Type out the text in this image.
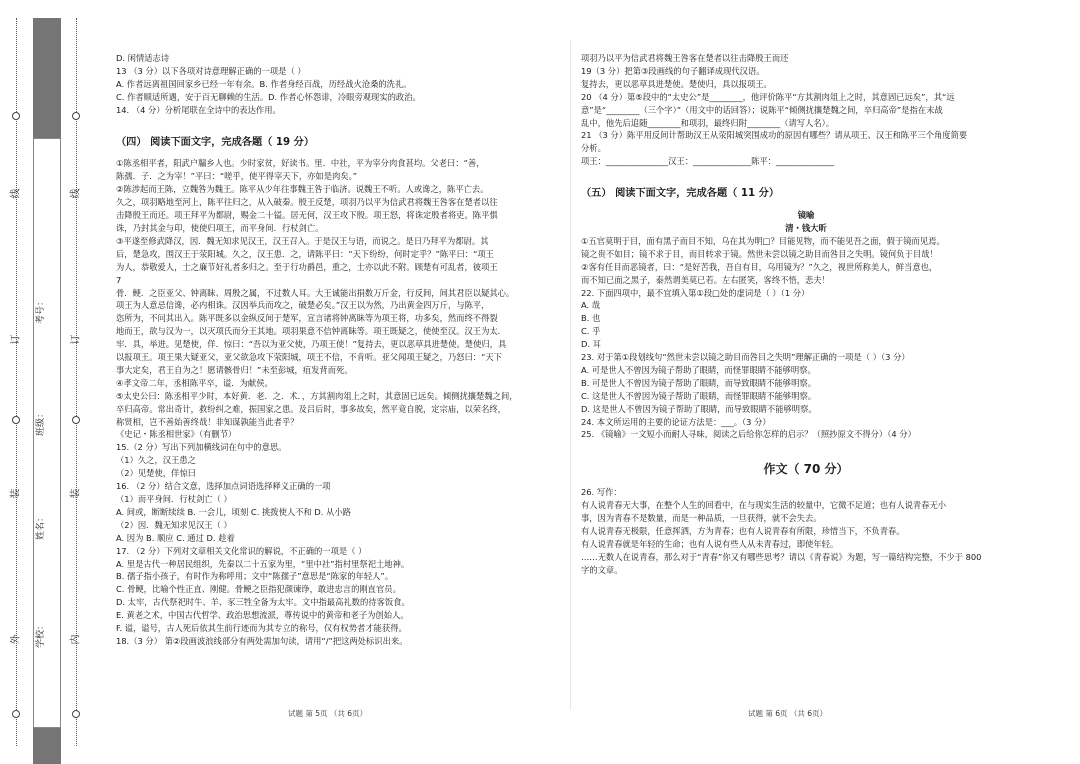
外
装
订
线
内
装
订
线
学校：
姓名：
班级：
考号：
D. 闲情适志诗
13 （3 分）以下各项对诗意理解正确的一项是（ ）
A. 作者远离祖国回家乡已经一年有余。B. 作者身经百战，历经战火沧桑的洗礼。
C. 作者顺适所遇，安于百无聊赖的生活。D. 作者心怀怨诽，冷眼旁观现实的政治。
14. （4 分）分析尾联在全诗中的表达作用。
（四） 阅读下面文字，完成各题（ 19 分）
①陈丞相平者，阳武户牖乡人也。少时家贫，好读书。里．中社，平为宰分肉食甚均。父老曰：“善，
陈孺．子．之为宰！”平曰：“嗟乎，使平得宰天下，亦如是肉矣。”
②陈涉起而王陈，立魏咎为魏王。陈平从少年往事魏王咎于临济。说魏王不听。人或谗之，陈平亡去。
久之，项羽略地至河上，陈平往归之，从入破秦。殷王反楚，项羽乃以平为信武君将魏王咎客在楚者以往
击降殷王而还。项王拜平为都尉，赐金二十镒。居无何，汉王攻下殷。项王怒，将诛定殷者将吏。陈平惧
诛，乃封其金与印，使使归项王，而平身间．行杖剑亡。
③平遂至修武降汉，因．魏无知求见汉王，汉王召入。于是汉王与语，而说之。是日乃拜平为都尉。其
后，楚急攻，围汉王于荥阳城。久之，汉王患．之，请陈平曰：“天下纷纷，何时定乎？”陈平曰：“项王
为人，恭敬爱人，士之廉节好礼者多归之。至于行功爵邑，重之，士亦以此不附。顾楚有可乱者，彼项王
7
骨．鲠．之臣亚父、钟离眛、周殷之属，不过数人耳。大王诚能出捐数万斤金，行反间，间其君臣以疑其心。
项王为人意忌信谗，必内相诛。汉因举兵而攻之，破楚必矣。”汉王以为然，乃出黄金四万斤，与陈平，
恣所为，不问其出入。陈平既多以金纵反间于楚军，宣言诸将钟离眛等为项王将，功多矣，然而终不得裂
地而王，欲与汉为一，以灭项氏而分王其地。项羽果意不信钟离眛等。项王既疑之，使使至汉。汉王为太．
牢．具，举进。见楚使，佯．惊曰：“吾以为亚父使，乃项王使！”复持去，更以恶草具进楚使。楚使归，具
以报项王。项王果大疑亚父，亚父欲急攻下荥阳城，项王不信，不肯听。亚父闻项王疑之，乃怒曰：“天下
事大定矣，君王自为之！愿请骸骨归！”未至彭城，疽发背而死。
④孝文帝二年，丞相陈平卒，谥．为献侯。
⑤太史公曰：陈丞相平少时，本好黄．老．之．术．，方其割肉俎上之时，其意固已远矣。倾侧扰攘楚魏之间，
卒归高帝。常出奇计，救纷纠之难，振国家之患。及吕后时，事多故矣，然平竟自脱，定宗庙，以荣名终，
称贤相，岂不善始善终哉！非知谋孰能当此者乎？
《史记・陈丞相世家》（有删节）
15.（2 分）写出下列加横线词在句中的意思。
（1）久之，汉王患之
（2）见楚使，佯惊曰
16. （2 分）结合文意，选择加点词语选择释义正确的一项
（1）而平身间．行杖剑亡（ ）
A. 间或，断断续续 B. 一会儿，顷刻 C. 挑拨使人不和 D. 从小路
（2）因．魏无知求见汉王（ ）
A. 因为 B. 顺应 C. 通过 D. 趁着
17. （2 分）下列对文章相关文化常识的解说，不正确的一项是（ ）
A. 里是古代一种居民组织，先秦以二十五家为里，“里中社”指村里祭祀土地神。
B. 孺子指小孩子，有时作为称呼用；文中“陈孺子”意思是“陈家的年轻人”。
C. 骨鲠，比喻个性正直、刚健。骨鲠之臣指犯颜谏诤，敢进忠言的刚直官员。
D. 太牢，古代祭祀时牛、羊、豕三牲全备为太牢。文中指最高礼数的待客饭食。
E. 黄老之术，中国古代哲学、政治思想流派，尊传说中的黄帝和老子为创始人。
F. 谥，谥号，古人死后依其生前行迹而为其专立的称号，仅有权势者才能获得。
18.（3 分） 第②段画波浪线部分有两处需加句读，请用“/”把这两处标识出来。
试题 第 5页 （共 6页）
项羽乃以平为信武君将魏王咎客在楚者以往击降殷王而还
19（3 分）把第③段画线的句子翻译成现代汉语。
复持去，更以恶草具进楚使。楚使归，具以报项王。
20 （4 分）第⑤段中的“太史公”是________，他评价陈平“方其割肉俎上之时，其意固已远矣”，其“远
意”是“________（三个字）”（用文中的话回答）；说陈平“倾侧扰攘楚魏之间，卒归高帝”是指在末战
乱中，他先后追随________和项羽，最终归附________（请写人名）。
21 （3 分）陈平用反间计帮助汉王从荥阳城突围成功的原因有哪些？请从项王、汉王和陈平三个角度简要
分析。
项王：_______________汉王：______________陈平：______________
（五） 阅读下面文字，完成各题（ 11 分）
镜喻
清・钱大昕
①五官莫明于目，面有黑子而目不知，乌在其为明□？目能见物，而不能见吾之面，假于镜而见焉。
镜之贵不如目；镜不求于目，而目转求于镜。然世未尝以镜之助目而咎目之失明。镜何负于目哉！
②客有任目而恶镜者，曰：“是好苦我，吾自有目，乌用镜为？”久之，视世所称美人，鲜当意也，
而不知已面之黑子，泰然谓美莫已若。左右匿笑，客终不悟，悲夫！
22. 下面四项中，最不宜填入第①段□处的虚词是（ ）（1 分）
A. 哉
B. 也
C. 乎
D. 耳
23. 对于第①段划线句“然世未尝以镜之助目而咎目之失明”理解正确的一项是（ ）（3 分）
A. 可是世人不曾因为镜子帮助了眼睛，而怪罪眼睛不能够明察。
B. 可是世人不曾因为镜子帮助了眼睛，而导致眼睛不能够明察。
C. 这是世人不曾因为镜子帮助了眼睛，而怪罪眼睛不能够明察。
D. 这是世人不曾因为镜子帮助了眼睛，而导致眼睛不能够明察。
24. 本文所运用的主要的论证方法是：___。（3 分）
25. 《镜喻》一文短小而耐人寻味，阅读之后给你怎样的启示？（照抄原文不得分）（4 分）
作文（ 70 分）
26. 写作：
有人说青春无大事，在整个人生的回看中，在与现实生活的较量中，它微不足道；也有人说青春无小
事，因为青春不是数量，而是一种品质，一旦获得，就不会失去。
有人说青春无极限，任意挥洒，方为青春；也有人说青春有所限，珍惜当下，不负青春。
有人说青春就是年轻的生命；也有人说有些人从未青春过，即使年轻。
……无数人在说青春，那么对于“青春”你又有哪些思考？请以《青春说》为题，写一篇结构完整，不少于 800
字的文章。
试题 第 6页 （共 6页）
